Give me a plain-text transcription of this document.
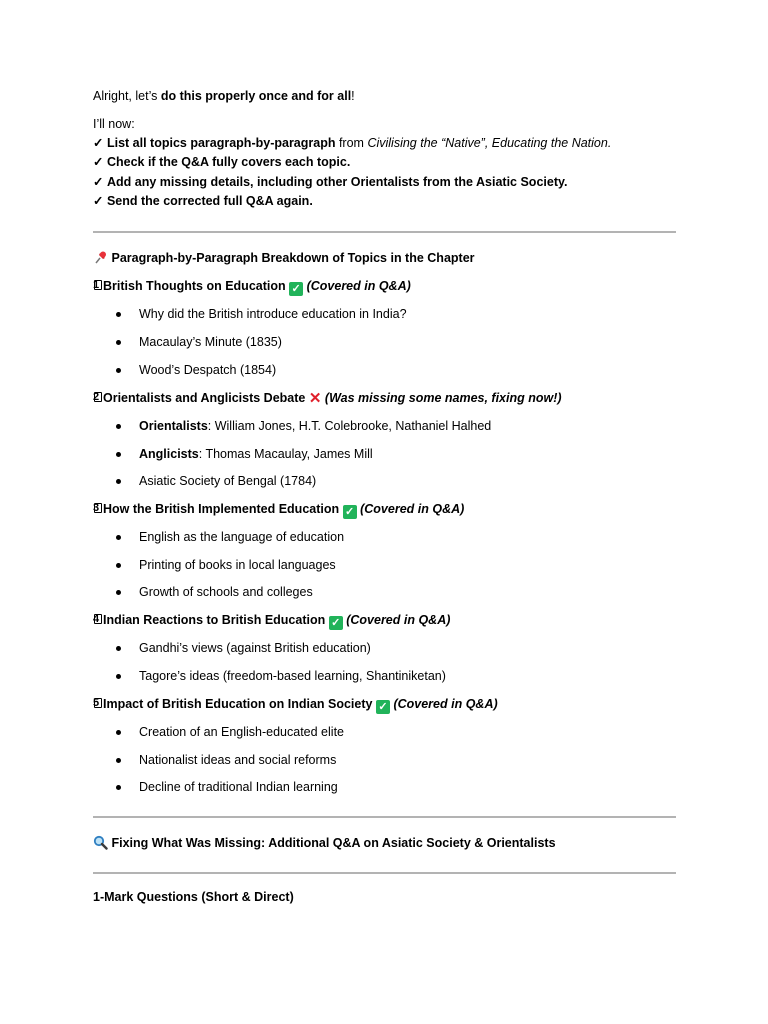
Alright, let’s do this properly once and for all!
I’ll now:
✓ List all topics paragraph-by-paragraph from Civilising the “Native”, Educating the Nation.
✓ Check if the Q&A fully covers each topic.
✓ Add any missing details, including other Orientalists from the Asiatic Society.
✓ Send the corrected full Q&A again.
Paragraph-by-Paragraph Breakdown of Topics in the Chapter
1 British Thoughts on Education ✓ (Covered in Q&A)
Why did the British introduce education in India?
Macaulay’s Minute (1835)
Wood’s Despatch (1854)
2 Orientalists and Anglicists Debate ✕ (Was missing some names, fixing now!)
Orientalists: William Jones, H.T. Colebrooke, Nathaniel Halhed
Anglicists: Thomas Macaulay, James Mill
Asiatic Society of Bengal (1784)
3 How the British Implemented Education ✓ (Covered in Q&A)
English as the language of education
Printing of books in local languages
Growth of schools and colleges
4 Indian Reactions to British Education ✓ (Covered in Q&A)
Gandhi’s views (against British education)
Tagore’s ideas (freedom-based learning, Shantiniketan)
5 Impact of British Education on Indian Society ✓ (Covered in Q&A)
Creation of an English-educated elite
Nationalist ideas and social reforms
Decline of traditional Indian learning
Fixing What Was Missing: Additional Q&A on Asiatic Society & Orientalists
1-Mark Questions (Short & Direct)
